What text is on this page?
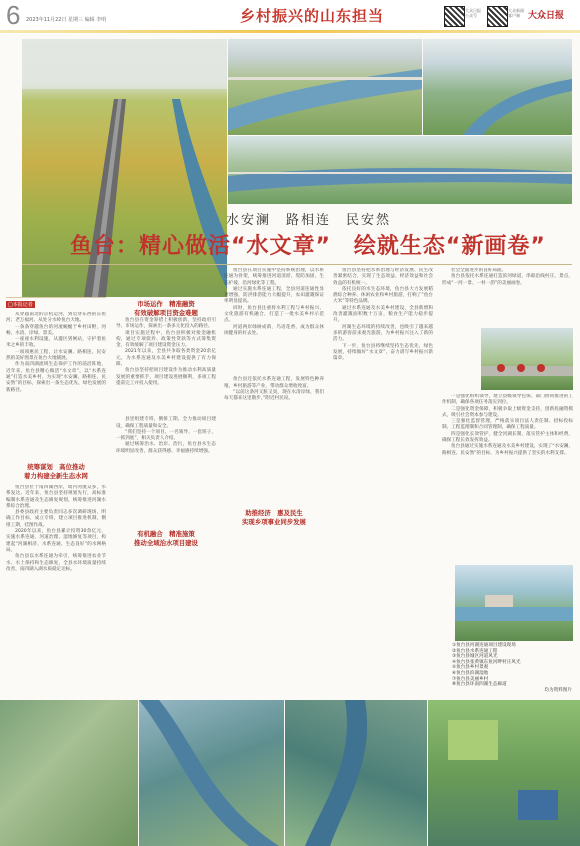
6 2023年11月22日 星期三 编辑 李明	乡村振兴的山东担当	大众日报 公众号
大众新闻 客户端 大众日报
水安澜　路相连　民安然
鱼台：精心做活“水文章”　绘就生态“新画卷”
□本报记者

从穿越南北的京杭运河，到贯穿东西的东鱼河；老万福河、从处分水岭鱼台大地。

一条条穿越鱼台的河流蜿蜒于乡村田野，河畅、水清、岸绿、景美。

一座座水利设施，从灌区到闸站，守护着鱼米之乡的丰收。

一项项惠民工程，让水安澜、路相连、民安然的美好图景在鱼台大地铺展。

作为南四湖流域生态保护工作的前沿阵地，近年来，鱼台县精心做活“水文章”，以“水系连通”打造水美乡村，为实现“水安澜、路相连、民安然”的目标，探索出一条生态优先、绿色发展的新路径。

统筹谋划　高位推动
着力构建全新生态水网

鱼台县位于南四湖西岸，境内河流众多，水系发达。近年来，鱼台县坚持规划先行，高标准编制水系连通及生态修复规划，统筹推进河湖水系综合治理。

县委县政府主要负责同志多次调研现场，明确工作目标，成立专班，建立项目推进机制，倒排工期，挂图作战。

2020年以来，鱼台县累计投资30余亿元，实施水系连通、河道治理、湿地修复等项目，构建起“河湖相济、水系连通、生态良好”的水网格局。

鱼台县以水系连通为牵引，统筹推进农业节水、水土保持和生态修复，全县水环境质量持续改善，南四湖入湖水质稳定达标。

鱼台县在资金筹措上积极创新，坚持政府引导、市场运作，探索出一条多元化投入的路径。

项目实施过程中，鱼台县积极对接金融机构，通过专项债券、政策性贷款等方式筹集资金，有效缓解了项目建设资金压力。

2021年以来，全县共争取各类资金20余亿元，为水系连通及水美乡村建设提供了有力保障。

鱼台县坚持把项目建设作为推动水利高质量发展的重要抓手，项目建设进展顺利，多项工程提前完工并投入使用。

县里组建专班，倒排工期，全力推动项目建设，确保工程质量和安全。

“我们坚持一个项目、一名领导、一套班子、一抓到底”，相关负责人介绍。

通过统筹治水、治岸、治污，鱼台县水生态环境明显改善，群众获得感、幸福感持续增强。

市场运作　精准融资
有效破解项目资金难题
有机融合　精准施策
推动全域治水项目建设

鱼台县在项目实施中坚持系统治理，以水系连通为骨架，统筹推进河道清淤、堤防加固、生态护坡、沿河绿化等工程。

通过实施水系连通工程，全县河道连通性显著增强，防洪排涝能力大幅提升，农田灌溉保证率明显提高。

同时，鱼台县注重将水利工程与乡村振兴、文化旅游有机融合，打造了一批水美乡村示范点。

河道两岸绿树成荫，鸟语花香，成为群众休闲健身的好去处。

鱼台县还依托水系连通工程，发展特色种养殖、乡村旅游等产业，带动群众增收致富。

“以前这条河又脏又臭，现在水清岸绿，我们每天都来这里散步。”附近村民说。

助推经济　惠及民生
实现乡项事业同步发展

鱼台县坚持把水系治理与经济发展、民生改善紧密结合，实现了生态效益、经济效益和社会效益的有机统一。

依托良好的水生态环境，鱼台县大力发展稻渔综合种养、休闲农业和乡村旅游，打响了“鱼台大米”等特色品牌。

通过水系连通及水美乡村建设，全县新增和改善灌溉面积数十万亩，粮食生产能力稳步提升。

河湖生态环境的持续改善，也吸引了越来越多的游客前来观光旅游，为乡村振兴注入了新的活力。

下一步，鱼台县将继续坚持生态优先、绿色发展，持续做好“水文章”，奋力谱写乡村振兴新篇章。

社会全面进步的良好局面。

鱼台县依托水系连通打造滨河绿道，串联沿线村庄、景点，形成“一河一景、一村一韵”的美丽画卷。

一是强化组织领导，建立县级领导包保、部门协同推进的工作机制，确保各项任务落实到位。

二是强化资金保障，积极争取上级资金支持，创新投融资模式，吸引社会资本参与建设。

三是强化监督管理，严格落实项目法人责任制、招标投标制、工程监理制和合同管理制，确保工程质量。

四是强化长效管护，健全河湖长制，落实管护主体和经费，确保工程长效发挥效益。

鱼台县通过实施水系连通及水美乡村建设，实现了“水安澜、路相连、民安然”的目标，为乡村振兴提供了坚实的水利支撑。

①鱼台县河湖连通项目建设现场
②鱼台县水系连通工程
③鱼台县城区河道风光
④鱼台县张黄镇东鱼河畔村庄风光
⑤鱼台县乡村景观
⑥鱼台县滨湖湿地
⑦鱼台县美丽乡村
⑧鱼台县环南四湖生态廊道
均为资料图片
